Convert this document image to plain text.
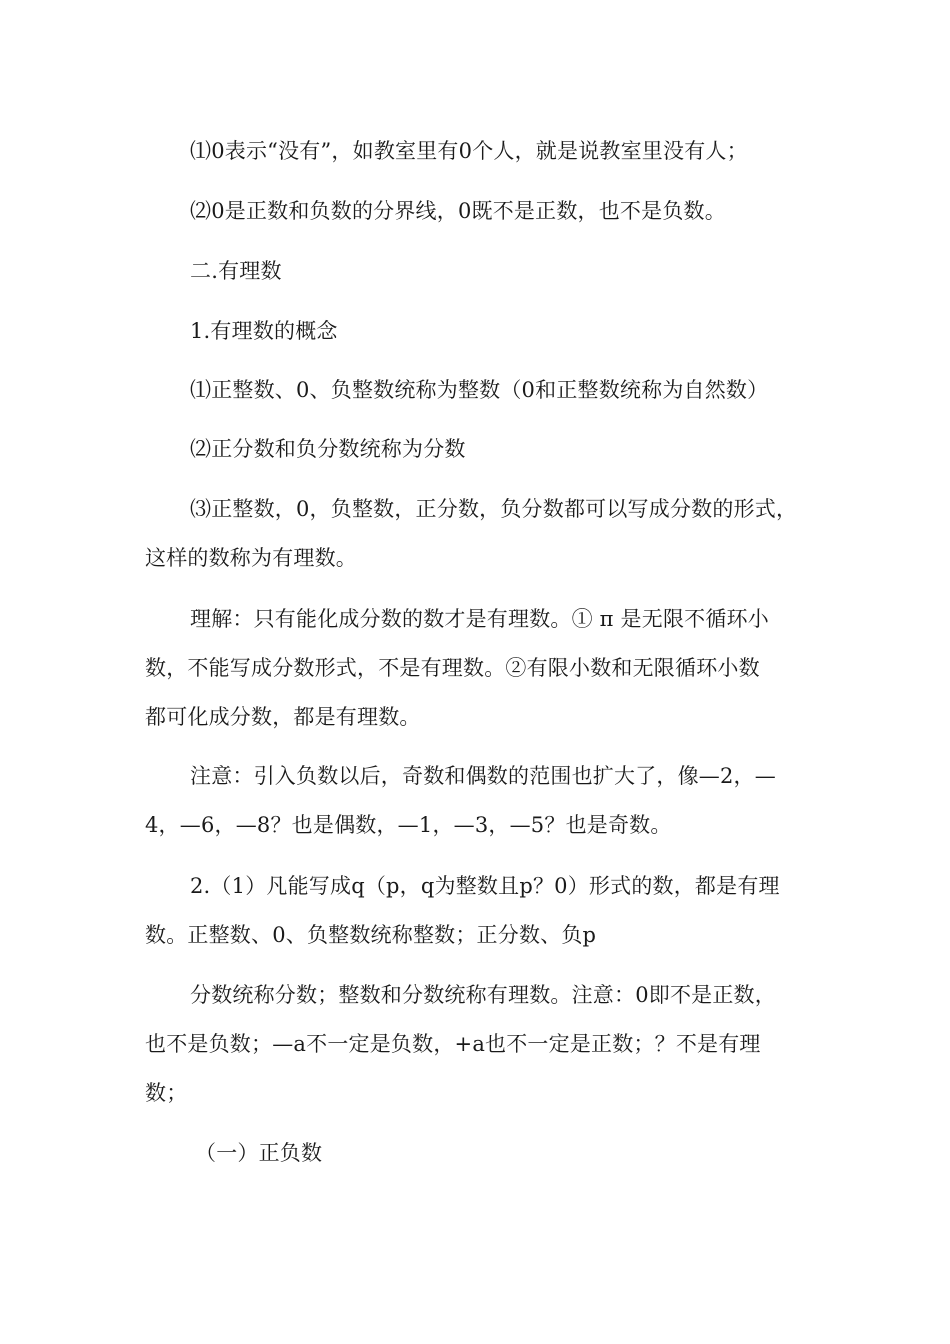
⑴0表示“没有”，如教室里有0个人，就是说教室里没有人；
⑵0是正数和负数的分界线，0既不是正数，也不是负数。
二.有理数
1.有理数的概念
⑴正整数、0、负整数统称为整数（0和正整数统称为自然数）
⑵正分数和负分数统称为分数
⑶正整数，0，负整数，正分数，负分数都可以写成分数的形式，
这样的数称为有理数。
理解：只有能化成分数的数才是有理数。① π 是无限不循环小
数，不能写成分数形式，不是有理数。②有限小数和无限循环小数
都可化成分数，都是有理数。
注意：引入负数以后，奇数和偶数的范围也扩大了，像—2，—
4，—6，—8？也是偶数，—1，—3，—5？也是奇数。
2.（1）凡能写成q（p，q为整数且p？0）形式的数，都是有理
数。正整数、0、负整数统称整数；正分数、负p
分数统称分数；整数和分数统称有理数。注意：0即不是正数，
也不是负数；—a不一定是负数，+a也不一定是正数；？不是有理
数；
（一）正负数
